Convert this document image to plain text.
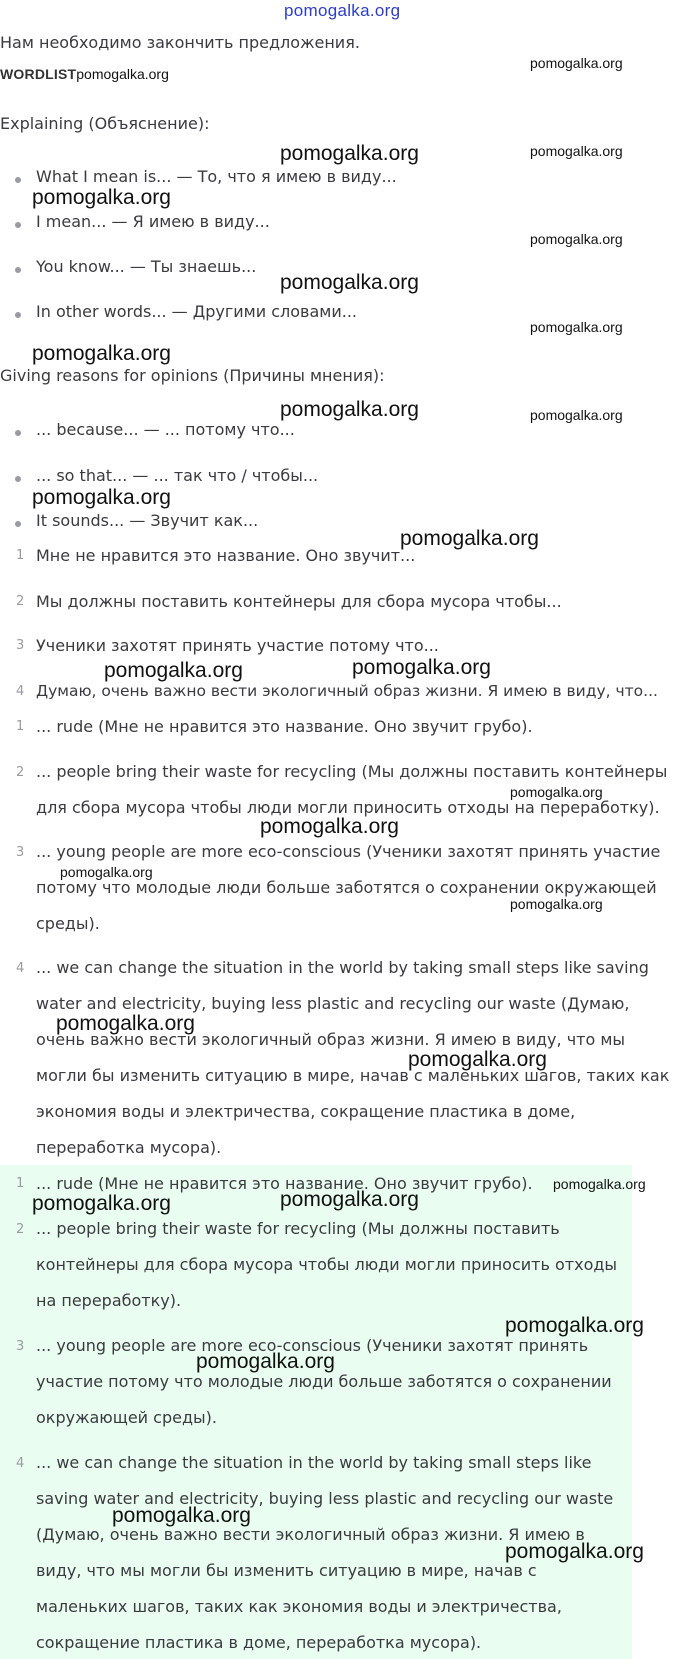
pomogalka.org
Нам необходимо закончить предложения.
WORDLISTpomogalka.org
Explaining (Объяснение):
What I mean is... — То, что я имею в виду...
I mean... — Я имею в виду...
You know... — Ты знаешь...
In other words... — Другими словами...
Giving reasons for opinions (Причины мнения):
... because... — ... потому что...
... so that... — ... так что / чтобы...
It sounds... — Звучит как...
1 Мне не нравится это название. Оно звучит...
2 Мы должны поставить контейнеры для сбора мусора чтобы...
3 Ученики захотят принять участие потому что...
4 Думаю, очень важно вести экологичный образ жизни. Я имею в виду, что...
1 ... rude (Мне не нравится это название. Оно звучит грубо).
2 ... people bring their waste for recycling (Мы должны поставить контейнеры для сбора мусора чтобы люди могли приносить отходы на переработку).
3 ... young people are more eco-conscious (Ученики захотят принять участие потому что молодые люди больше заботятся о сохранении окружающей среды).
4 ... we can change the situation in the world by taking small steps like saving water and electricity, buying less plastic and recycling our waste (Думаю, очень важно вести экологичный образ жизни. Я имею в виду, что мы могли бы изменить ситуацию в мире, начав с маленьких шагов, таких как экономия воды и электричества, сокращение пластика в доме, переработка мусора).
1 ... rude (Мне не нравится это название. Оно звучит грубо).
2 ... people bring their waste for recycling (Мы должны поставить контейнеры для сбора мусора чтобы люди могли приносить отходы на переработку).
3 ... young people are more eco-conscious (Ученики захотят принять участие потому что молодые люди больше заботятся о сохранении окружающей среды).
4 ... we can change the situation in the world by taking small steps like saving water and electricity, buying less plastic and recycling our waste (Думаю, очень важно вести экологичный образ жизни. Я имею в виду, что мы могли бы изменить ситуацию в мире, начав с маленьких шагов, таких как экономия воды и электричества, сокращение пластика в доме, переработка мусора).
pomogalka.org
pomogalka.org	pomogalka.org
pomogalka.org
pomogalka.org
pomogalka.org
pomogalka.org
pomogalka.org
pomogalka.org	pomogalka.org
pomogalka.org
pomogalka.org
pomogalka.org	pomogalka.org
pomogalka.org
pomogalka.org
pomogalka.org
pomogalka.org
pomogalka.org
pomogalka.org
pomogalka.org
pomogalka.org	pomogalka.org
pomogalka.org
pomogalka.org
pomogalka.org
pomogalka.org
